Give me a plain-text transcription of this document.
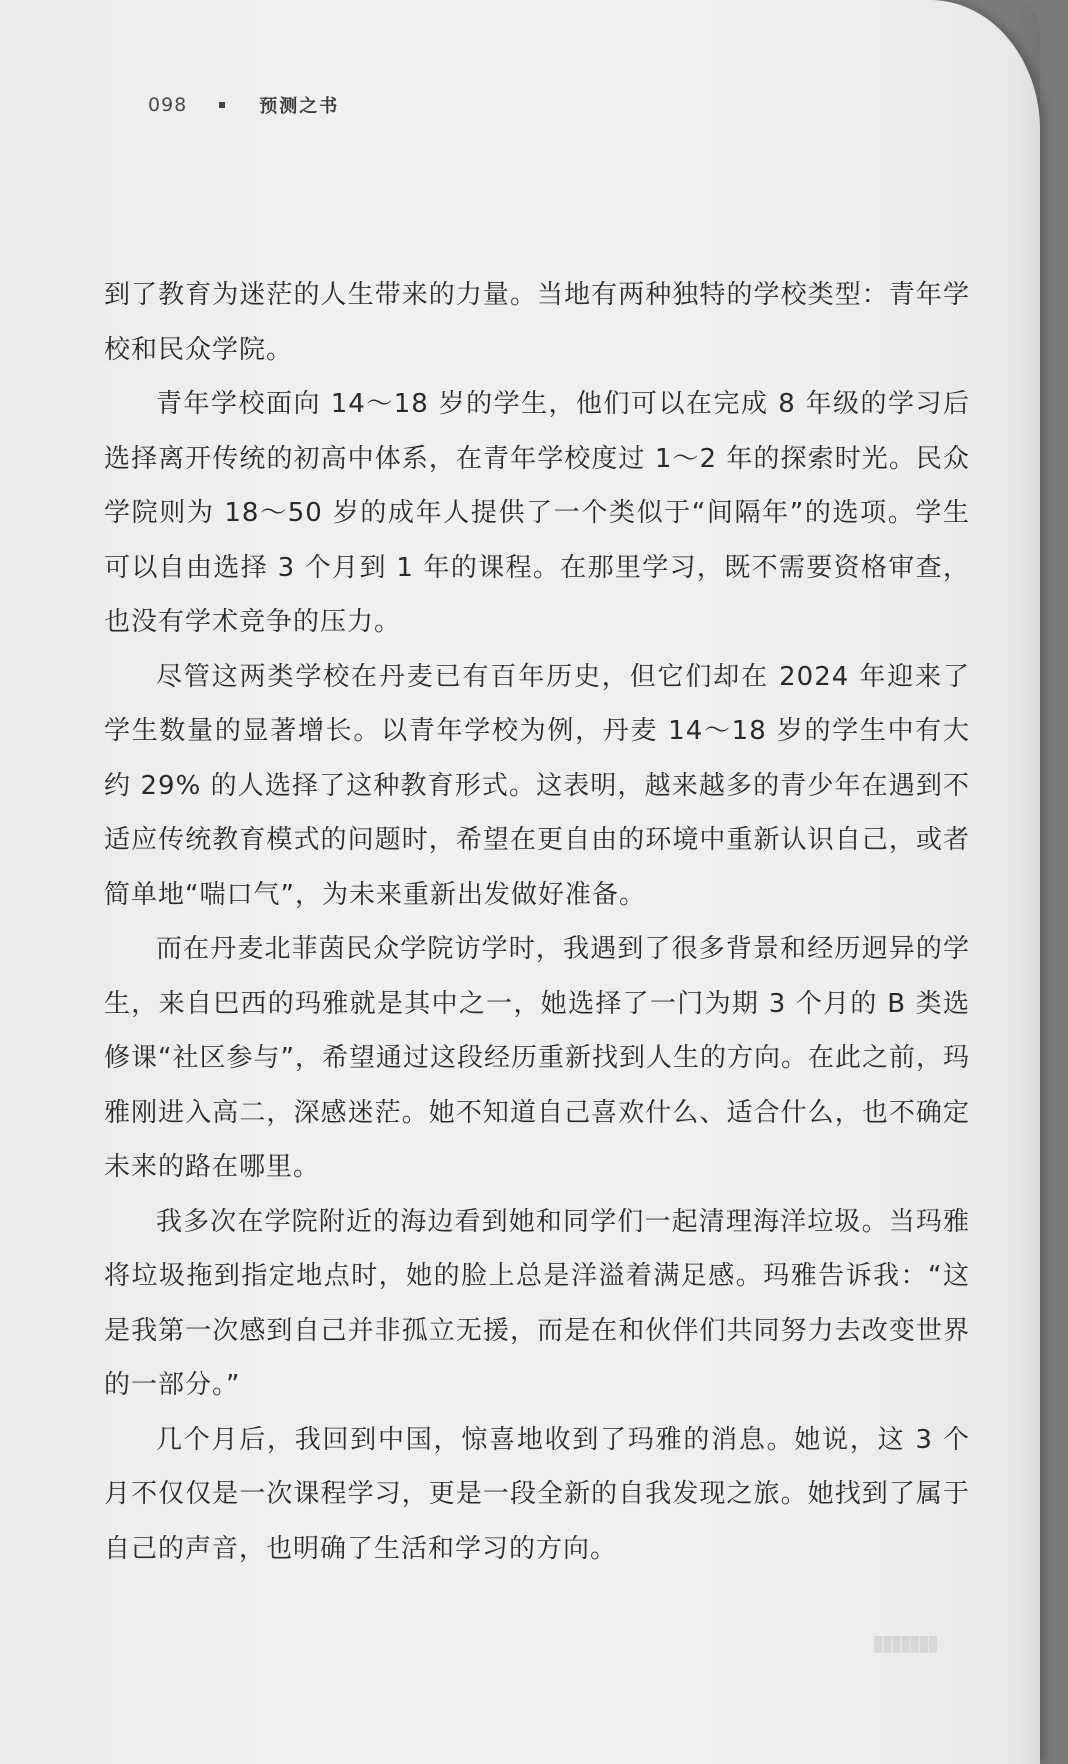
098	预测之书

到了教育为迷茫的人生带来的力量。当地有两种独特的学校类型：青年学校和民众学院。

青年学校面向 14～18 岁的学生，他们可以在完成 8 年级的学习后选择离开传统的初高中体系，在青年学校度过 1～2 年的探索时光。民众学院则为 18～50 岁的成年人提供了一个类似于“间隔年”的选项。学生可以自由选择 3 个月到 1 年的课程。在那里学习，既不需要资格审查，也没有学术竞争的压力。

尽管这两类学校在丹麦已有百年历史，但它们却在 2024 年迎来了学生数量的显著增长。以青年学校为例，丹麦 14～18 岁的学生中有大约 29% 的人选择了这种教育形式。这表明，越来越多的青少年在遇到不适应传统教育模式的问题时，希望在更自由的环境中重新认识自己，或者简单地“喘口气”，为未来重新出发做好准备。

而在丹麦北菲茵民众学院访学时，我遇到了很多背景和经历迥异的学生，来自巴西的玛雅就是其中之一，她选择了一门为期 3 个月的 B 类选修课“社区参与”，希望通过这段经历重新找到人生的方向。在此之前，玛雅刚进入高二，深感迷茫。她不知道自己喜欢什么、适合什么，也不确定未来的路在哪里。

我多次在学院附近的海边看到她和同学们一起清理海洋垃圾。当玛雅将垃圾拖到指定地点时，她的脸上总是洋溢着满足感。玛雅告诉我：“这是我第一次感到自己并非孤立无援，而是在和伙伴们共同努力去改变世界的一部分。”

几个月后，我回到中国，惊喜地收到了玛雅的消息。她说，这 3 个月不仅仅是一次课程学习，更是一段全新的自我发现之旅。她找到了属于自己的声音，也明确了生活和学习的方向。

▮▮▮▮▮▮▮
